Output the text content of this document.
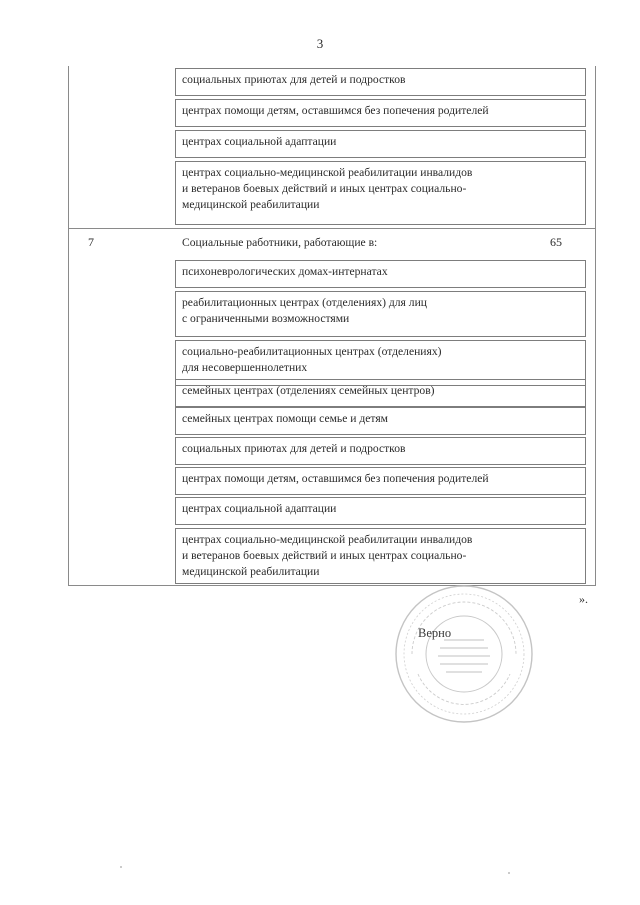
3
7	65
социальных приютах для детей и подростков
центрах помощи детям, оставшимся без попечения родителей
центрах социальной адаптации
центрах социально-медицинской реабилитации инвалидов
и ветеранов боевых действий и иных центрах социально-
медицинской реабилитации
Социальные работники, работающие в:
психоневрологических домах-интернатах
реабилитационных центрах (отделениях) для лиц
с ограниченными возможностями
социально-реабилитационных центрах (отделениях)
для несовершеннолетних
семейных центрах (отделениях семейных центров)
семейных центрах помощи семье и детям
социальных приютах для детей и подростков
центрах помощи детям, оставшимся без попечения родителей
центрах социальной адаптации
центрах социально-медицинской реабилитации инвалидов
и ветеранов боевых действий и иных центрах социально-
медицинской реабилитации
».
Верно
